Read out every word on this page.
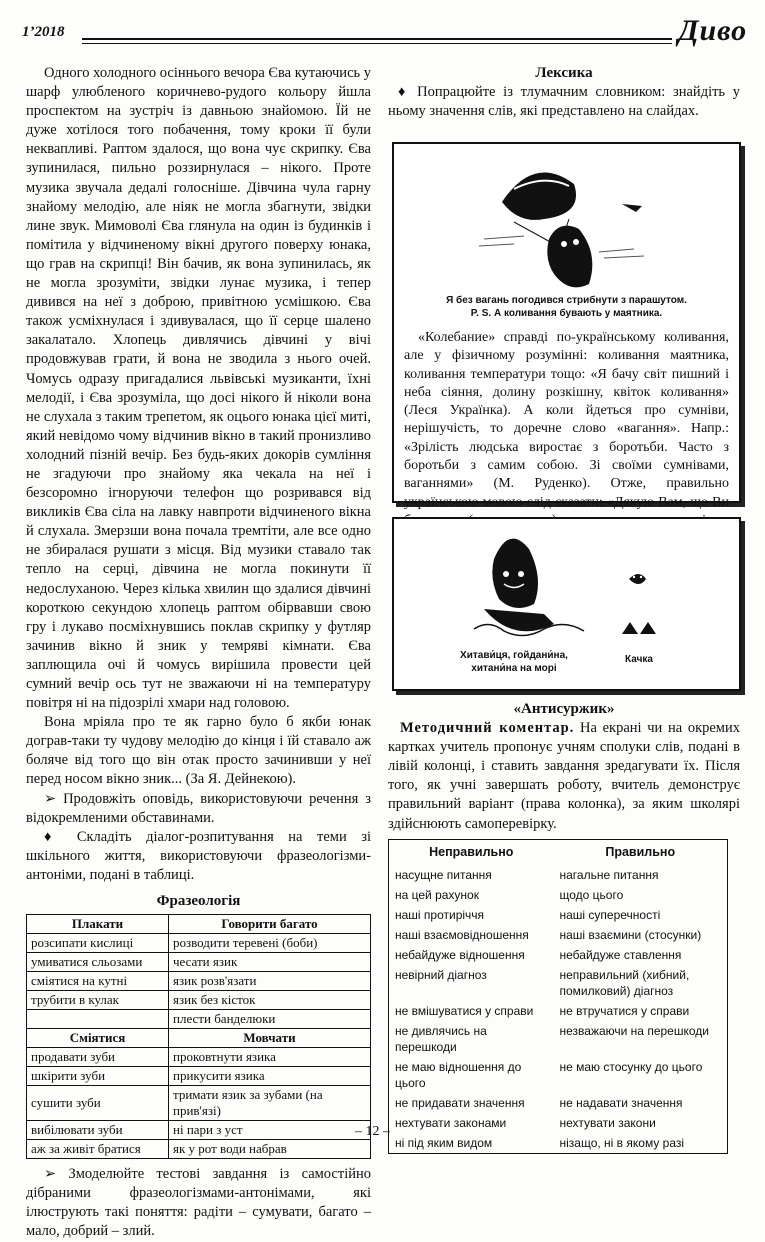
1’2018	Диво

Одного холодного осіннього вечора Єва кутаючись у шарф улюбленого коричнево-рудого кольору йшла проспектом на зустріч із давньою знайомою. Їй не дуже хотілося того побачення, тому кроки її були неквапливі. Раптом здалося, що вона чує скрипку. Єва зупинилася, пильно роззирнулася – нікого. Проте музика звучала дедалі голосніше. Дівчина чула гарну знайому мелодію, але ніяк не могла збагнути, звідки лине звук. Мимоволі Єва глянула на один із будинків і помітила у відчиненому вікні другого поверху юнака, що грав на скрипці! Він бачив, як вона зупинилась, як не могла зрозуміти, звідки лунає музика, і тепер дивився на неї з доброю, привітною усмішкою. Єва також усміхнулася і здивувалася, що її серце шалено закалатало. Хлопець дивлячись дівчині у вічі продовжував грати, й вона не зводила з нього очей. Чомусь одразу пригадалися львівські музиканти, їхні мелодії, і Єва зрозуміла, що досі нікого й ніколи вона не слухала з таким трепетом, як оцього юнака цієї миті, який невідомо чому відчинив вікно в такий пронизливо холодний пізній вечір. Без будь-яких докорів сумління не згадуючи про знайому яка чекала на неї і безсоромно ігноруючи телефон що розривався від викликів Єва сіла на лавку навпроти відчиненого вікна й слухала. Змерзши вона почала тремтіти, але все одно не збиралася рушати з місця. Від музики ставало так тепло на серці, дівчина не могла покинути її недослуханою. Через кілька хвилин що здалися дівчині короткою секундою хлопець раптом обірвавши свою гру і лукаво посміхнувшись поклав скрипку у футляр зачинив вікно й зник у темряві кімнати. Єва заплющила очі й чомусь вирішила провести цей сумний вечір ось тут не зважаючи ні на температуру повітря ні на підозрілі хмари над головою.

Вона мріяла про те як гарно було б якби юнак дограв-таки ту чудову мелодію до кінця і їй ставало аж боляче від того що він отак просто зачинивши у неї перед носом вікно зник... (За Я. Дейнекою).

➢ Продовжіть оповідь, використовуючи речення з відокремленими обставинами.

♦ Складіть діалог-розпитування на теми зі шкільного життя, використовуючи фразеологізми-антоніми, подані в таблиці.

Фразеологія
Плакати	Говорити багато
розсипати кислиці	розводити теревені (боби)
умиватися сльозами	чесати язик
сміятися на кутні	язик розв'язати
трубити в кулак	язик без кісток
	плести банделюки
Сміятися	Мовчати
продавати зуби	проковтнути язика
шкірити зуби	прикусити язика
сушити зуби	тримати язик за зубами (на прив'язі)
вибілювати зуби	ні пари з уст
аж за живіт братися	як у рот води набрав

➢ Змоделюйте тестові завдання із самостійно дібраними фразеологізмами-антонімами, які ілюструють такі поняття: радіти – сумувати, багато – мало, добрий – злий.

Лексика
♦ Попрацюйте із тлумачним словником: знайдіть у ньому значення слів, які представлено на слайдах.
Я без вагань погодився стрибнути з парашутом.
P. S. А коливання бувають у маятника.
«Колебание» справді по-українському коливання, але у фізичному розумінні: коливання маятника, коливання температури тощо: «Я бачу світ пишний і неба сіяння, долину розкішну, квіток коливання» (Леся Українка). А коли йдеться про сумніви, нерішучість, то доречне слово «вагання». Напр.: «Зрілість людська виростає з боротьби. Часто з боротьби з самим собою. Зі своїми сумнівами, ваганнями» (М. Руденко). Отже, правильно українською мовою слід сказати: «Дякую Вам, що Ви
Хитави́ця, гойдани́на, хитани́на на морі
Качка
«Антисуржик»
Методичний коментар. На екрані чи на окремих картках учитель пропонує учням сполуки слів, подані в лівій колонці, і ставить завдання зредагувати їх. Після того, як учні завершать роботу, вчитель демонструє правильний варіант (права колонка), за яким школярі здійснюють самоперевірку.
Неправильно	Правильно
насущне питання	нагальне питання
на цей рахунок	щодо цього
наші протиріччя	наші суперечності
наші взаємовідношення	наші взаємини (стосунки)
небайдуже відношення	небайдуже ставлення
невірний діагноз	неправильний (хибний, помилковий) діагноз
не вмішуватися у справи	не втручатися у справи
не дивлячись на перешкоди	незважаючи на перешкоди
не маю відношення до цього	не маю стосунку до цього
не придавати значення	не надавати значення
нехтувати законами	нехтувати закони
ні під яким видом	нізащо, ні в якому разі
– 12 –
